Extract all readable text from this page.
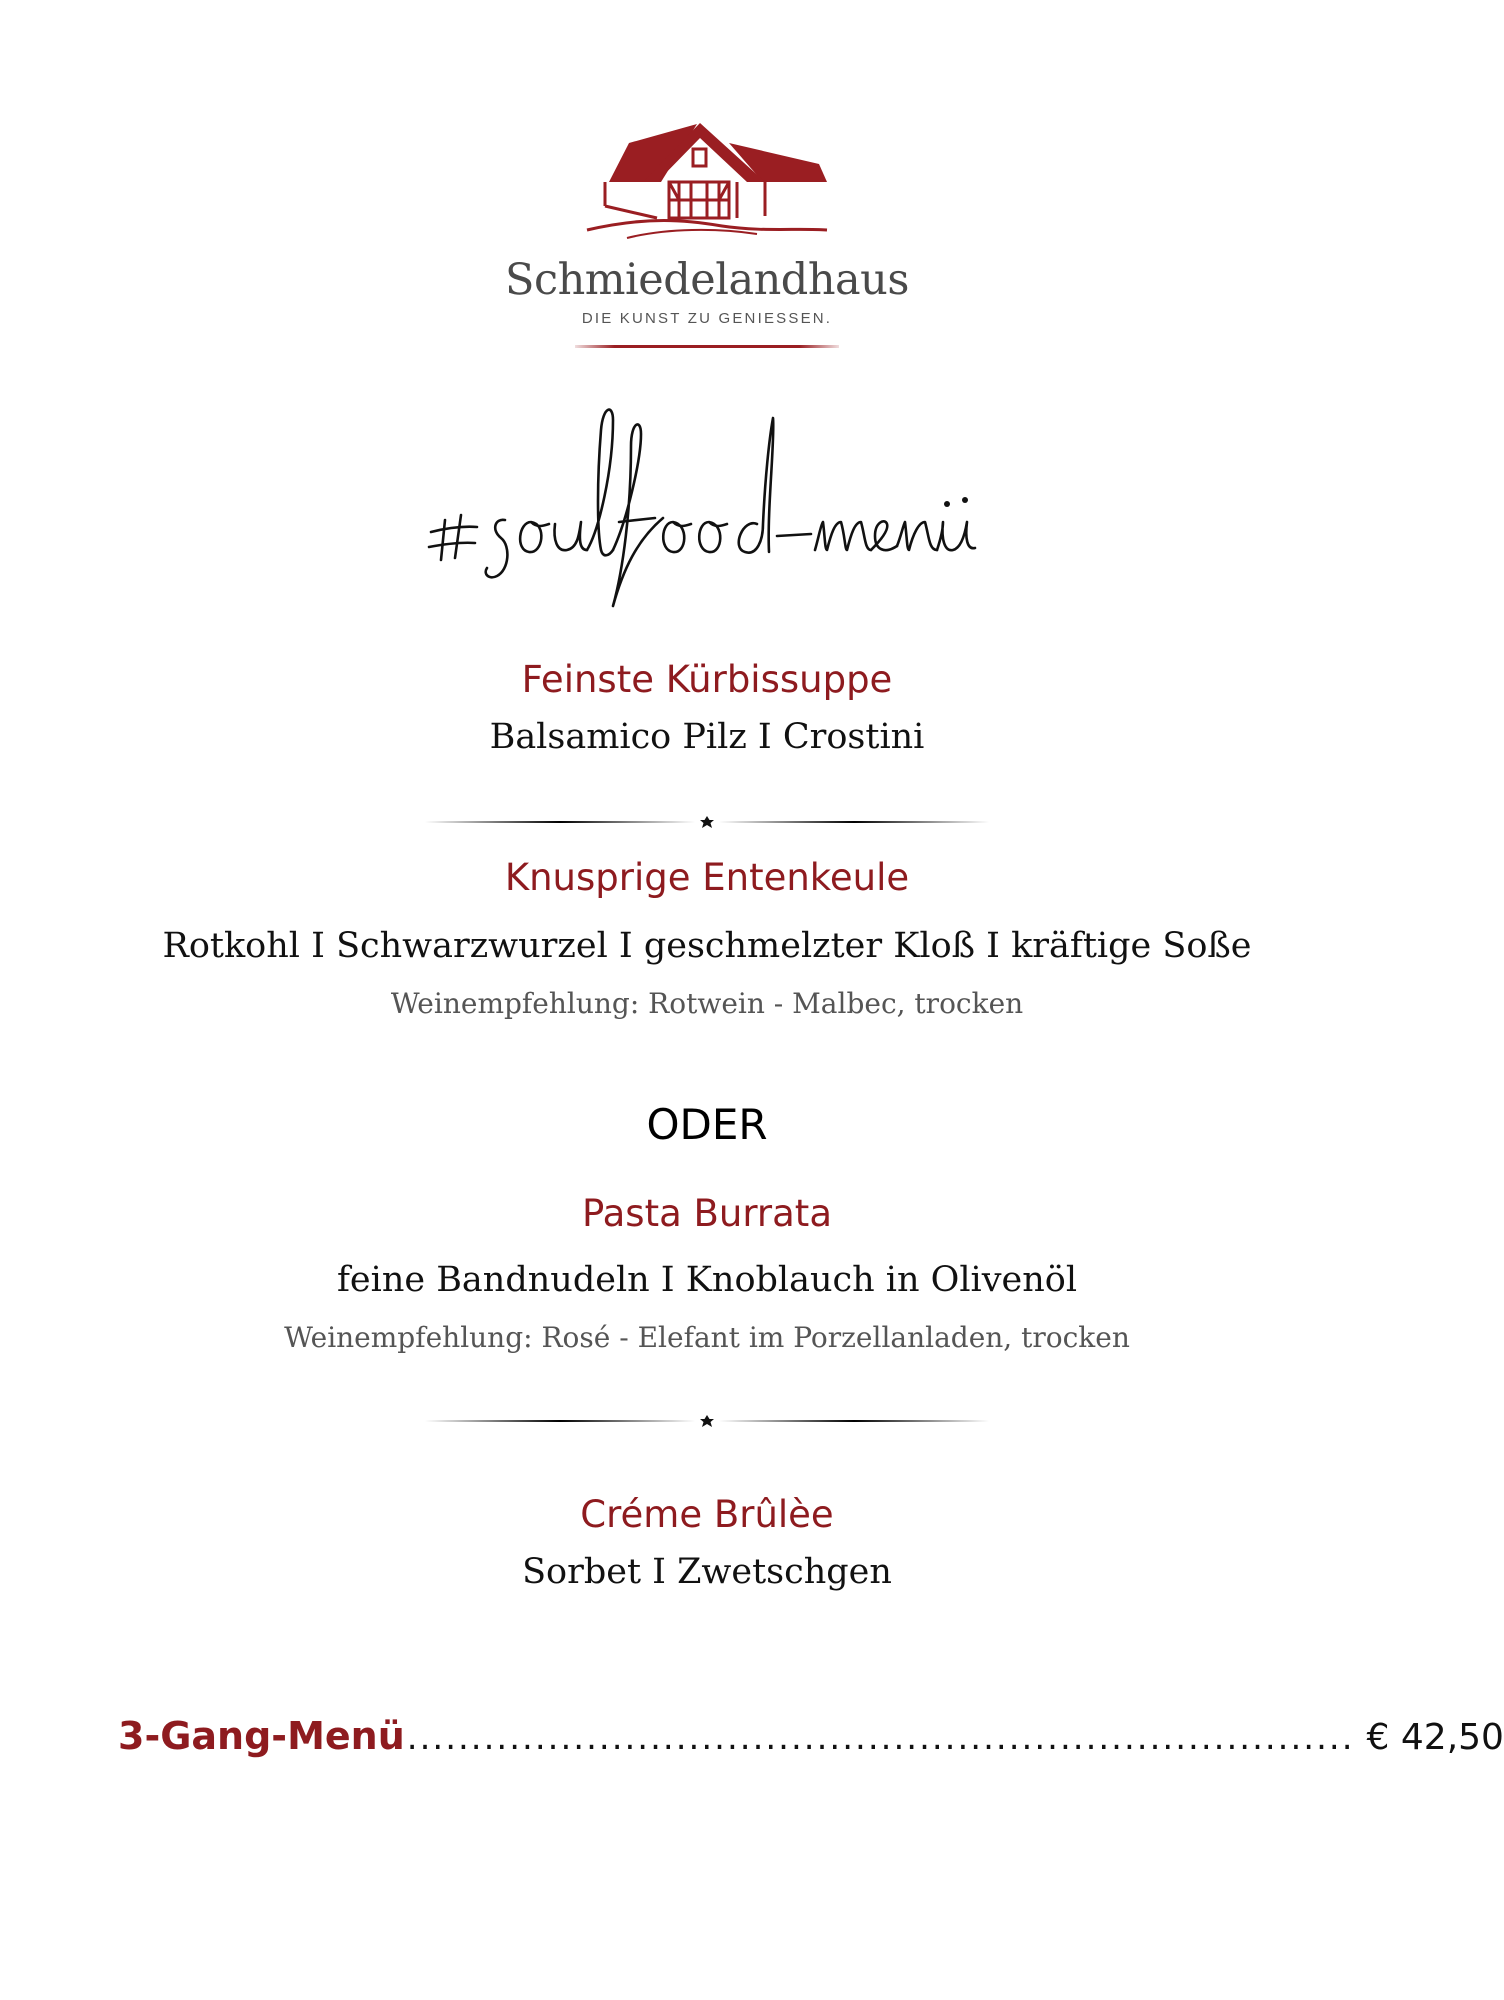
Schmiedelandhaus
DIE KUNST ZU GENIESSEN.
Feinste Kürbissuppe
Balsamico Pilz I Crostini
Knusprige Entenkeule
Rotkohl I Schwarzwurzel I geschmelzter Kloß I kräftige Soße
Weinempfehlung: Rotwein - Malbec, trocken
ODER
Pasta Burrata
feine Bandnudeln I Knoblauch in Olivenöl
Weinempfehlung: Rosé - Elefant im Porzellanladen, trocken
Créme Brûlèe
Sorbet I Zwetschgen
3-Gang-Menü .......................................................................... € 42,50
